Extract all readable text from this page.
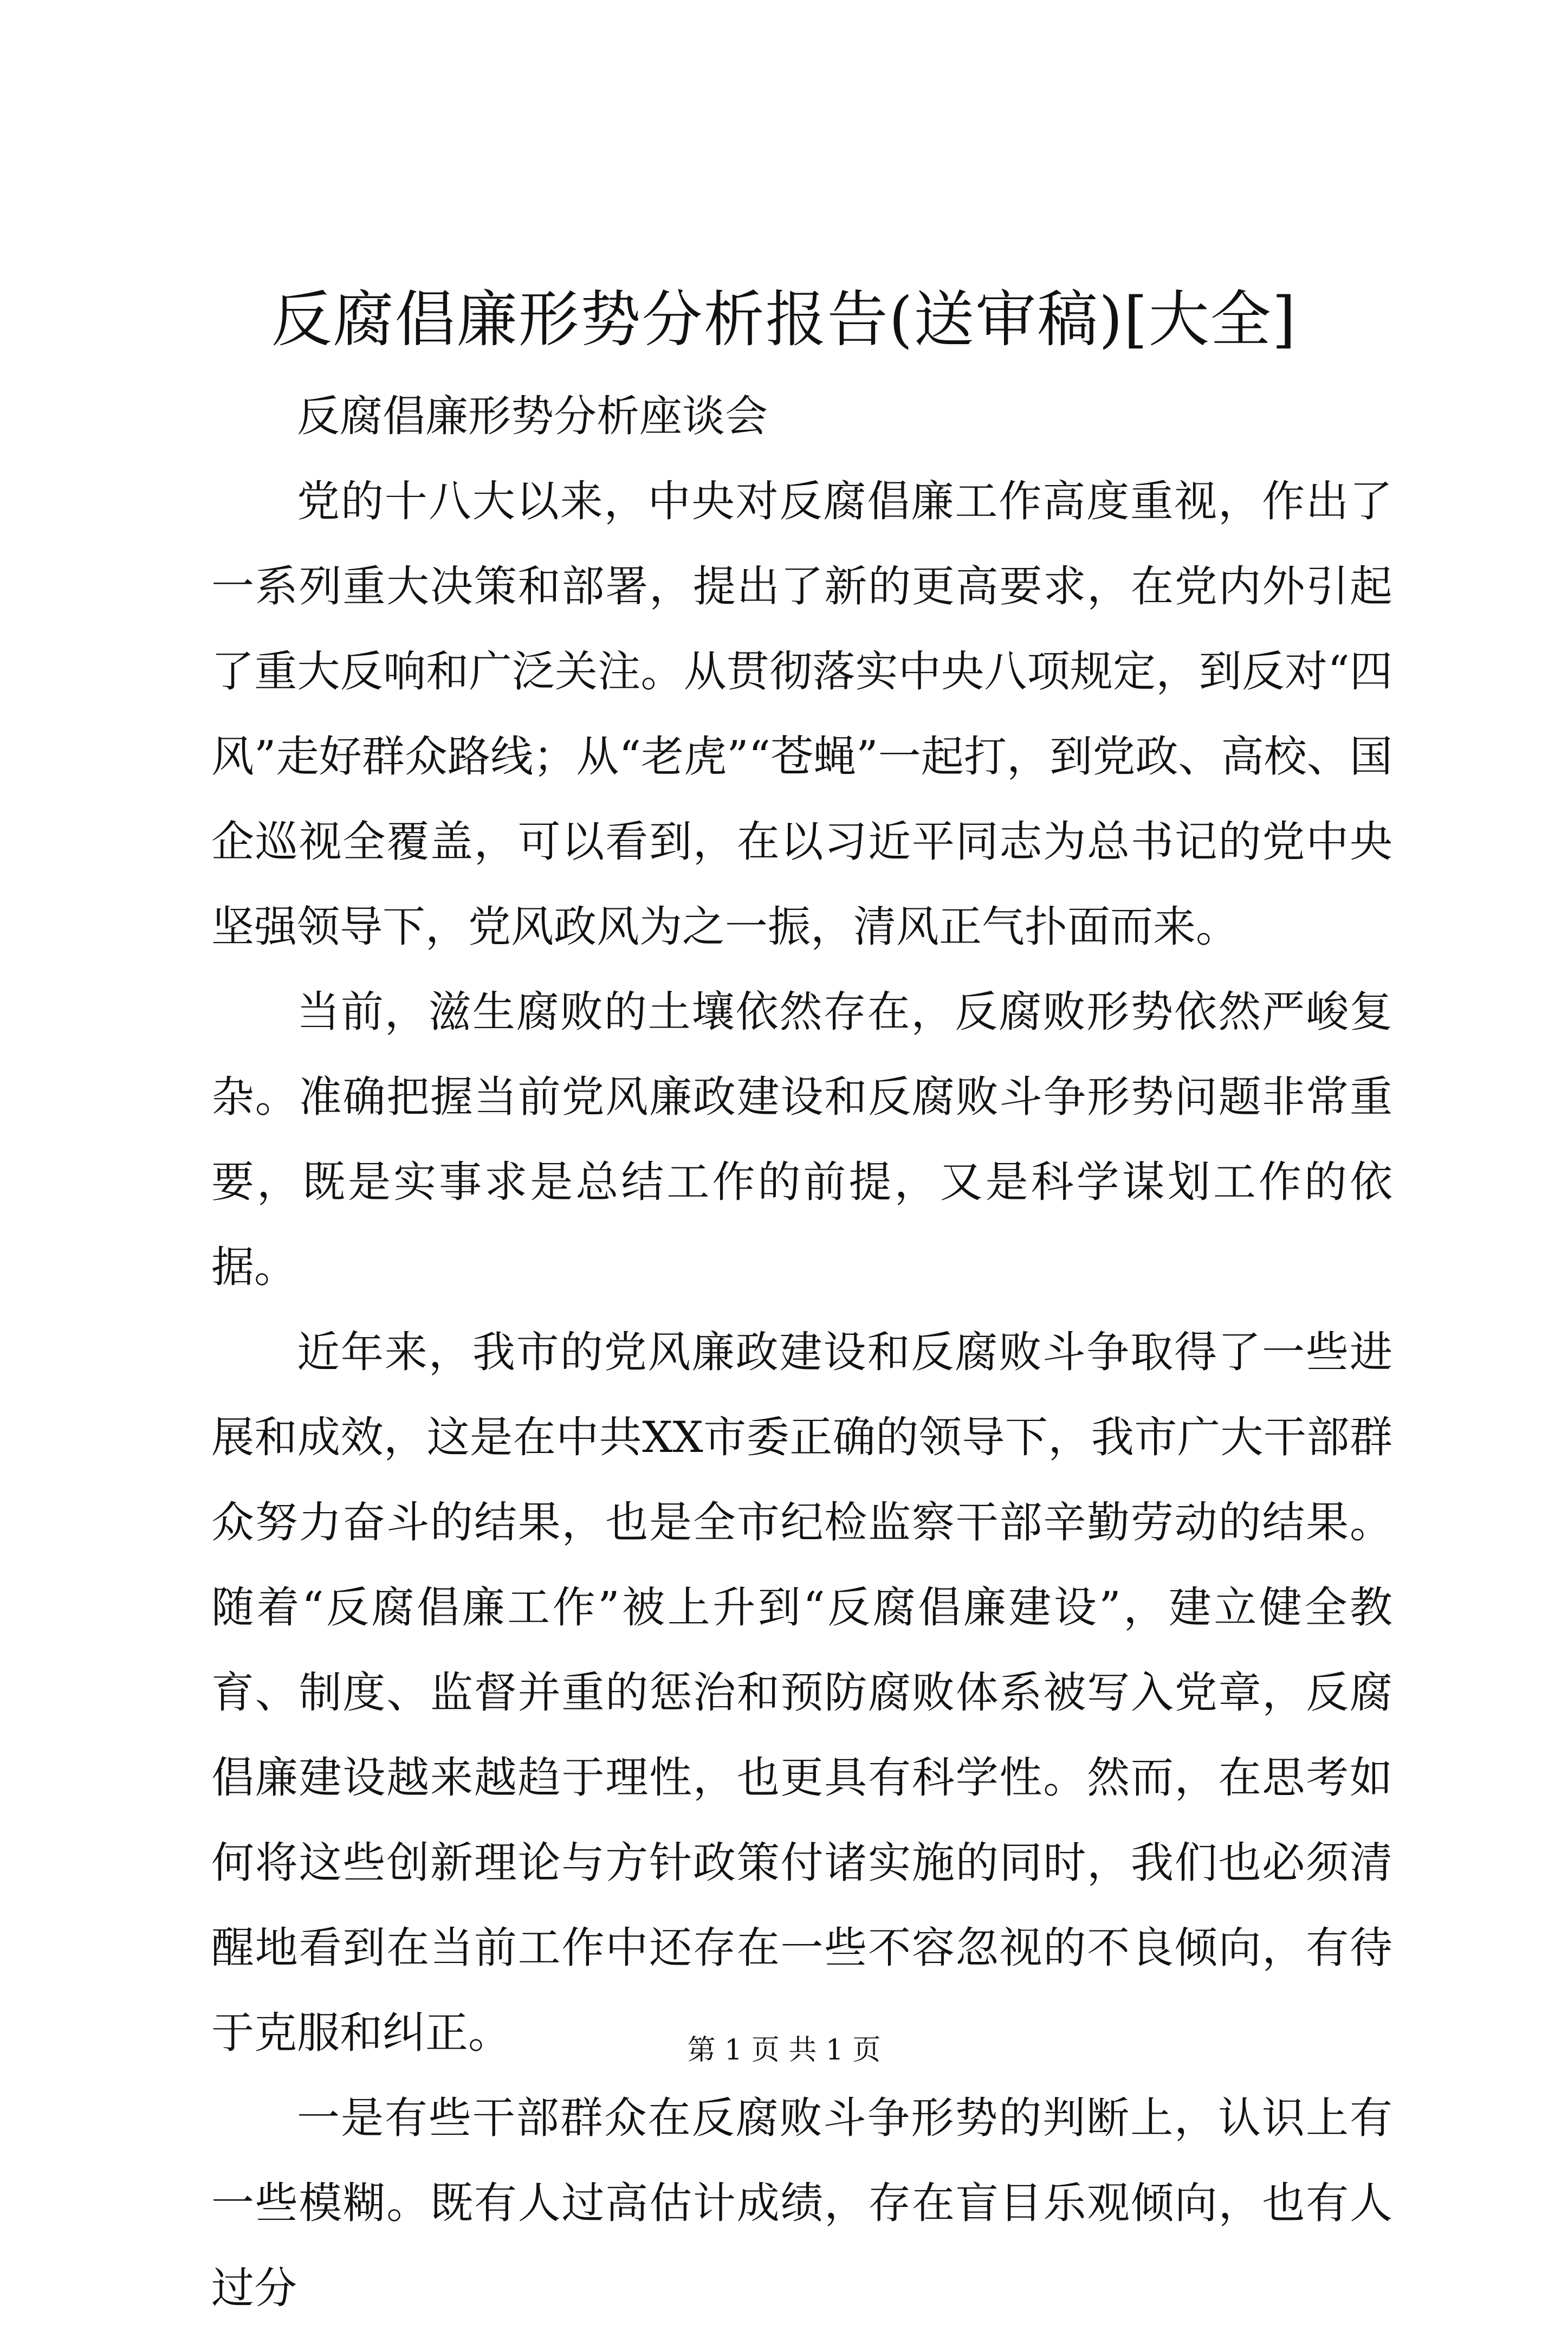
反腐倡廉形势分析报告(送审稿)[大全]

反腐倡廉形势分析座谈会

党的十八大以来，中央对反腐倡廉工作高度重视，作出了一系列重大决策和部署，提出了新的更高要求，在党内外引起了重大反响和广泛关注。从贯彻落实中央八项规定，到反对“四风”走好群众路线；从“老虎”“苍蝇”一起打，到党政、高校、国企巡视全覆盖，可以看到，在以习近平同志为总书记的党中央坚强领导下，党风政风为之一振，清风正气扑面而来。

当前，滋生腐败的土壤依然存在，反腐败形势依然严峻复杂。准确把握当前党风廉政建设和反腐败斗争形势问题非常重要，既是实事求是总结工作的前提，又是科学谋划工作的依据。

近年来，我市的党风廉政建设和反腐败斗争取得了一些进展和成效，这是在中共XX市委正确的领导下，我市广大干部群众努力奋斗的结果，也是全市纪检监察干部辛勤劳动的结果。随着“反腐倡廉工作”被上升到“反腐倡廉建设”，建立健全教育、制度、监督并重的惩治和预防腐败体系被写入党章，反腐倡廉建设越来越趋于理性，也更具有科学性。然而，在思考如何将这些创新理论与方针政策付诸实施的同时，我们也必须清醒地看到在当前工作中还存在一些不容忽视的不良倾向，有待于克服和纠正。

一是有些干部群众在反腐败斗争形势的判断上，认识上有一些模糊。既有人过高估计成绩，存在盲目乐观倾向，也有人过分

第 1 页 共 1 页
